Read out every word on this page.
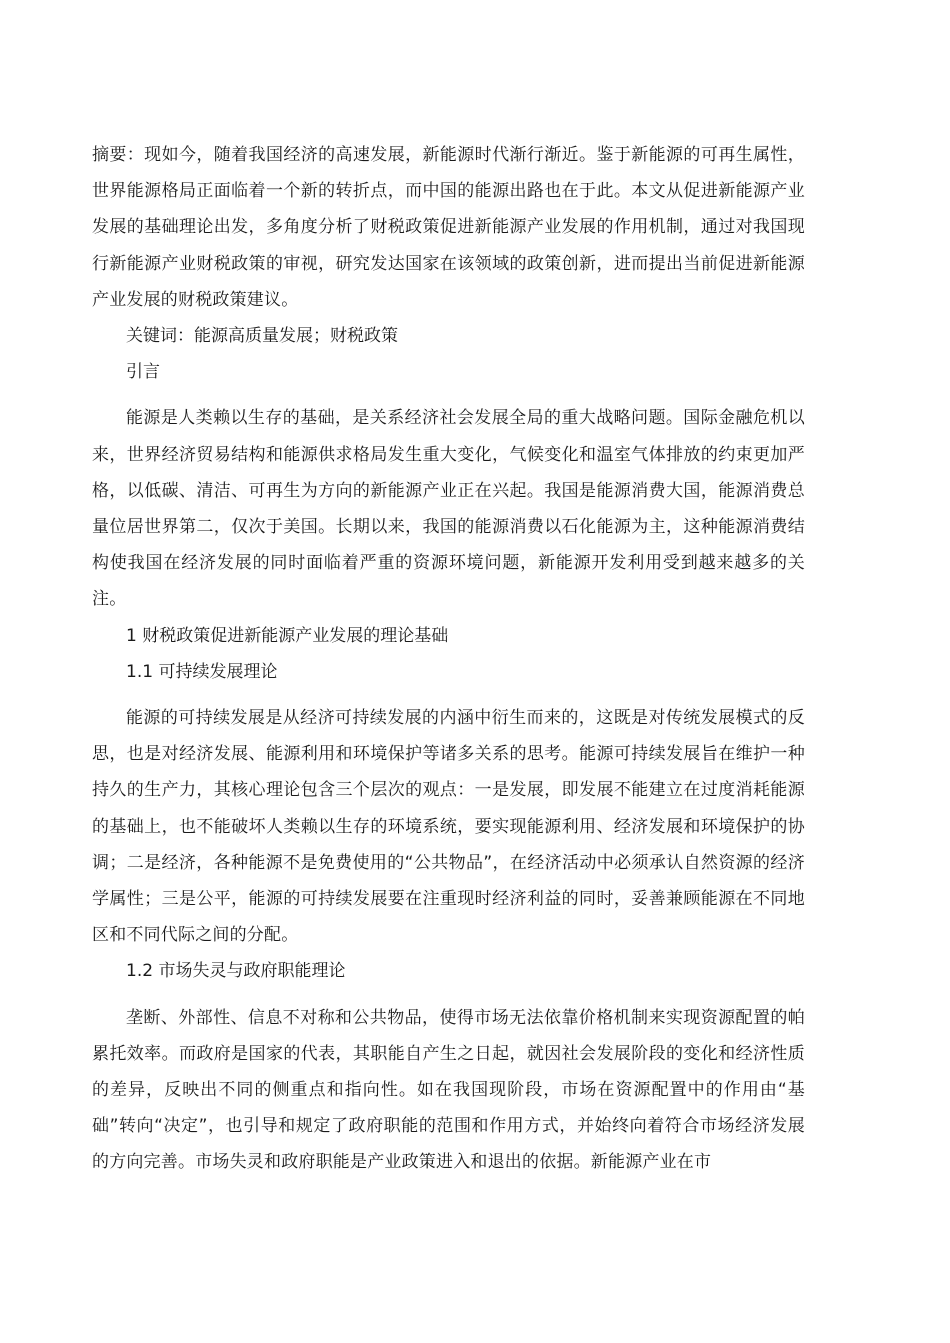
摘要：现如今，随着我国经济的高速发展，新能源时代渐行渐近。鉴于新能源的可再生属性，世界能源格局正面临着一个新的转折点，而中国的能源出路也在于此。本文从促进新能源产业发展的基础理论出发，多角度分析了财税政策促进新能源产业发展的作用机制，通过对我国现行新能源产业财税政策的审视，研究发达国家在该领域的政策创新，进而提出当前促进新能源产业发展的财税政策建议。

关键词：能源高质量发展；财税政策

引言

能源是人类赖以生存的基础，是关系经济社会发展全局的重大战略问题。国际金融危机以来，世界经济贸易结构和能源供求格局发生重大变化，气候变化和温室气体排放的约束更加严格，以低碳、清洁、可再生为方向的新能源产业正在兴起。我国是能源消费大国，能源消费总量位居世界第二，仅次于美国。长期以来，我国的能源消费以石化能源为主，这种能源消费结构使我国在经济发展的同时面临着严重的资源环境问题，新能源开发利用受到越来越多的关注。

1 财税政策促进新能源产业发展的理论基础

1.1 可持续发展理论

能源的可持续发展是从经济可持续发展的内涵中衍生而来的，这既是对传统发展模式的反思，也是对经济发展、能源利用和环境保护等诸多关系的思考。能源可持续发展旨在维护一种持久的生产力，其核心理论包含三个层次的观点：一是发展，即发展不能建立在过度消耗能源的基础上，也不能破坏人类赖以生存的环境系统，要实现能源利用、经济发展和环境保护的协调；二是经济，各种能源不是免费使用的“公共物品”，在经济活动中必须承认自然资源的经济学属性；三是公平，能源的可持续发展要在注重现时经济利益的同时，妥善兼顾能源在不同地区和不同代际之间的分配。

1.2 市场失灵与政府职能理论

垄断、外部性、信息不对称和公共物品，使得市场无法依靠价格机制来实现资源配置的帕累托效率。而政府是国家的代表，其职能自产生之日起，就因社会发展阶段的变化和经济性质的差异，反映出不同的侧重点和指向性。如在我国现阶段，市场在资源配置中的作用由“基础”转向“决定”，也引导和规定了政府职能的范围和作用方式，并始终向着符合市场经济发展的方向完善。市场失灵和政府职能是产业政策进入和退出的依据。新能源产业在市
